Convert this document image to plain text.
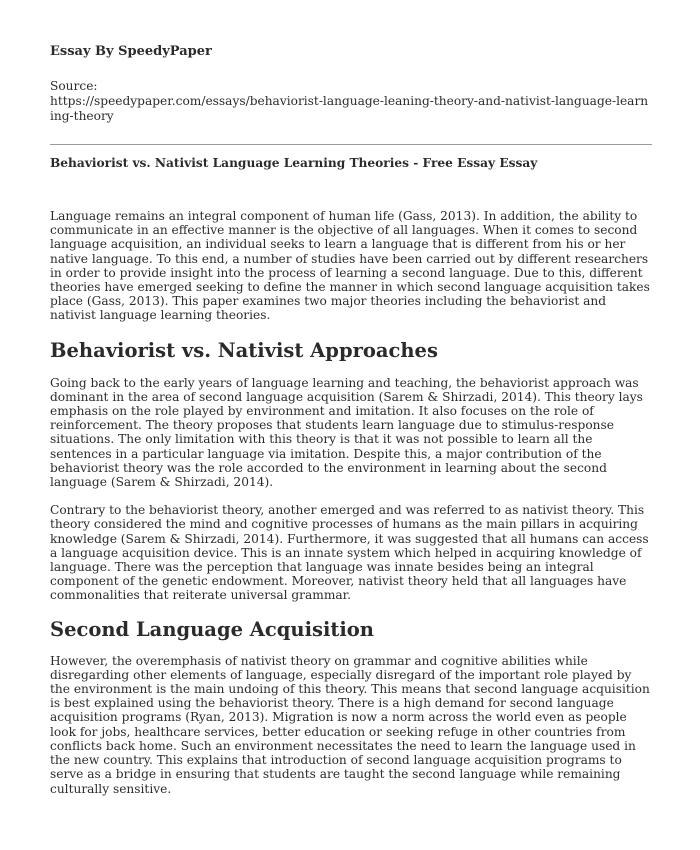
Essay By SpeedyPaper

Source:

https://speedypaper.com/essays/behaviorist-language-leaning-theory-and-nativist-language-learning-theory

Behaviorist vs. Nativist Language Learning Theories - Free Essay Essay

Language remains an integral component of human life (Gass, 2013). In addition, the ability to communicate in an effective manner is the objective of all languages. When it comes to second language acquisition, an individual seeks to learn a language that is different from his or her native language. To this end, a number of studies have been carried out by different researchers in order to provide insight into the process of learning a second language. Due to this, different theories have emerged seeking to define the manner in which second language acquisition takes place (Gass, 2013). This paper examines two major theories including the behaviorist and nativist language learning theories.

Behaviorist vs. Nativist Approaches

Going back to the early years of language learning and teaching, the behaviorist approach was dominant in the area of second language acquisition (Sarem & Shirzadi, 2014). This theory lays emphasis on the role played by environment and imitation. It also focuses on the role of reinforcement. The theory proposes that students learn language due to stimulus-response situations. The only limitation with this theory is that it was not possible to learn all the sentences in a particular language via imitation. Despite this, a major contribution of the behaviorist theory was the role accorded to the environment in learning about the second language (Sarem & Shirzadi, 2014).

Contrary to the behaviorist theory, another emerged and was referred to as nativist theory. This theory considered the mind and cognitive processes of humans as the main pillars in acquiring knowledge (Sarem & Shirzadi, 2014). Furthermore, it was suggested that all humans can access a language acquisition device. This is an innate system which helped in acquiring knowledge of language. There was the perception that language was innate besides being an integral component of the genetic endowment. Moreover, nativist theory held that all languages have commonalities that reiterate universal grammar.

Second Language Acquisition

However, the overemphasis of nativist theory on grammar and cognitive abilities while disregarding other elements of language, especially disregard of the important role played by the environment is the main undoing of this theory. This means that second language acquisition is best explained using the behaviorist theory. There is a high demand for second language acquisition programs (Ryan, 2013). Migration is now a norm across the world even as people look for jobs, healthcare services, better education or seeking refuge in other countries from conflicts back home. Such an environment necessitates the need to learn the language used in the new country. This explains that introduction of second language acquisition programs to serve as a bridge in ensuring that students are taught the second language while remaining culturally sensitive.
